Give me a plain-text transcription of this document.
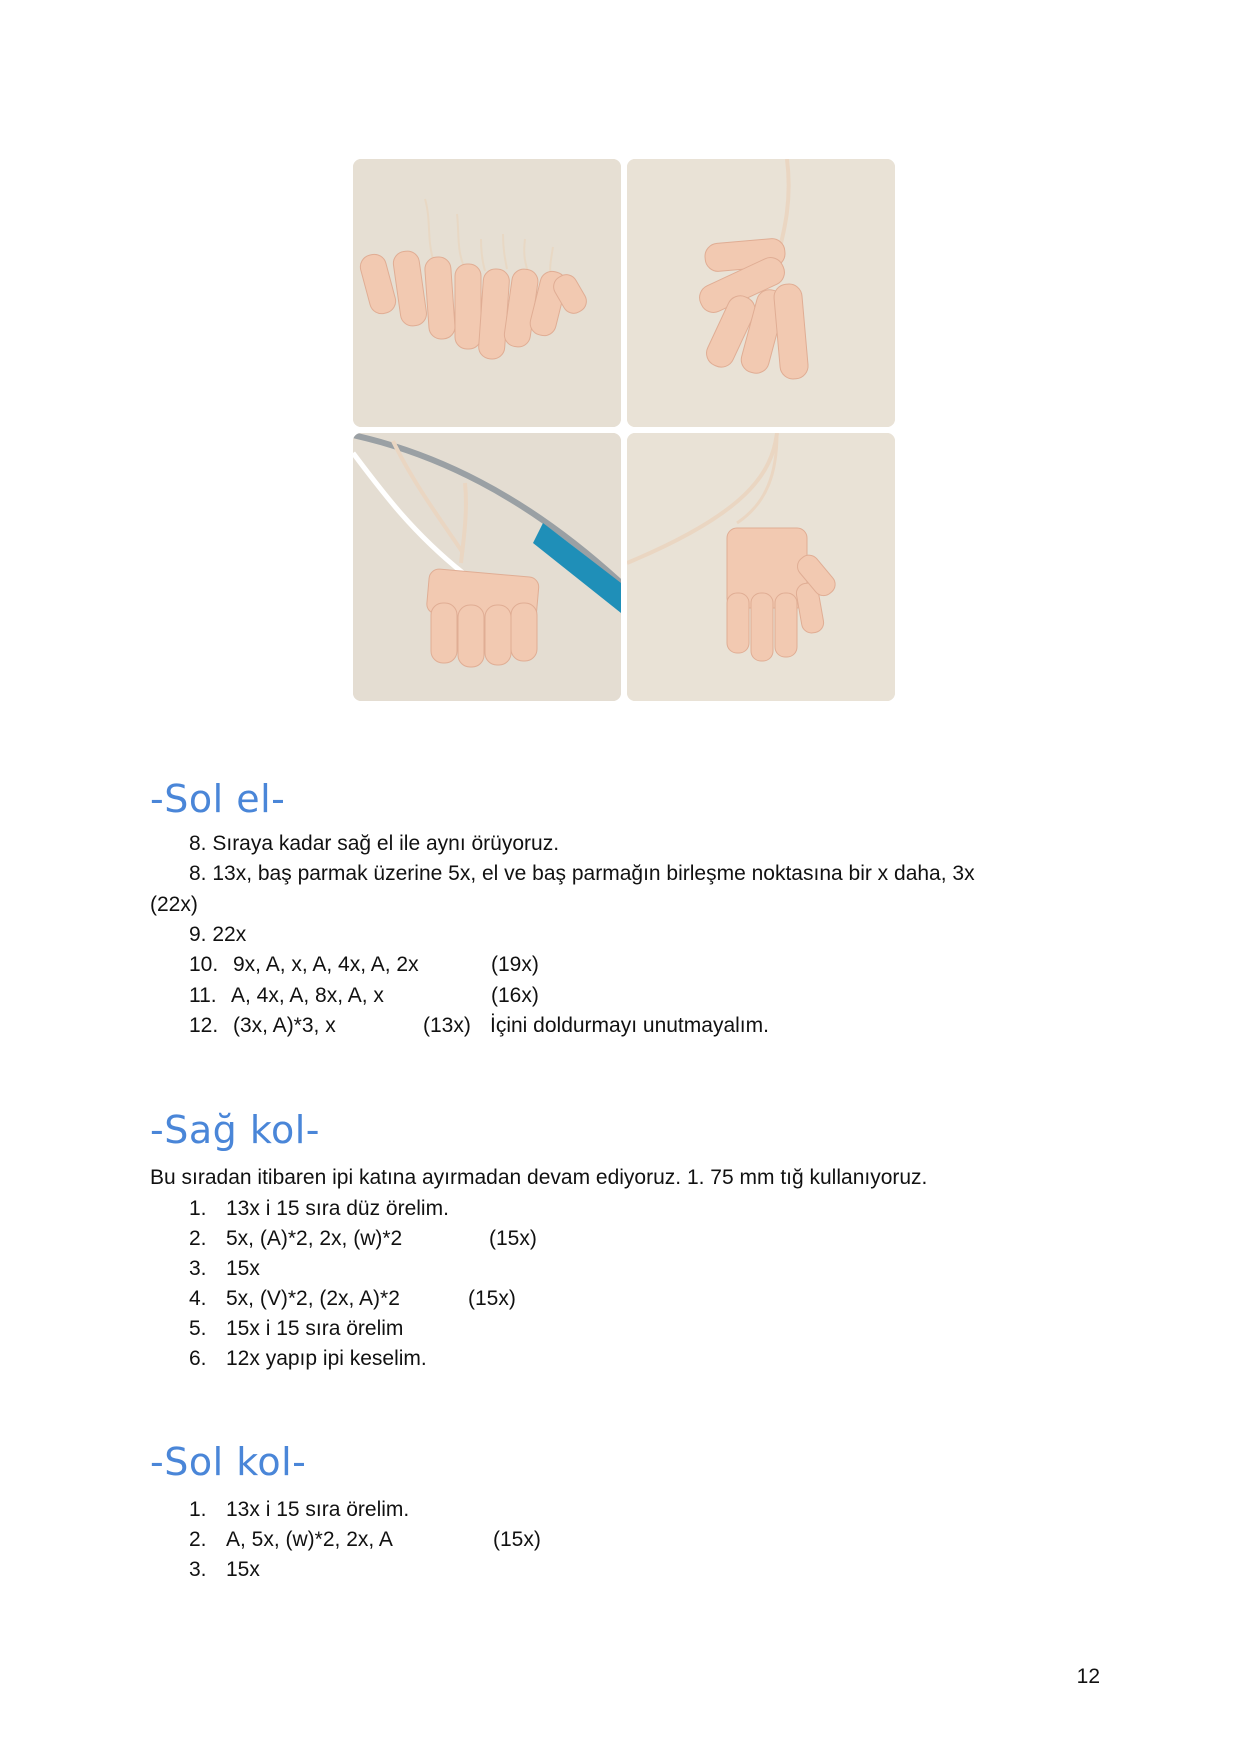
-Sol el-
8. Sıraya kadar sağ el ile aynı örüyoruz.
8. 13x, baş parmak üzerine 5x, el ve baş parmağın birleşme noktasına bir x daha, 3x
(22x)
9. 22x
10. 9x, A, x, A, 4x, A, 2x	(19x)
11. A, 4x, A, 8x, A, x	(16x)
12. (3x, A)*3, x	(13x) İçini doldurmayı unutmayalım.
-Sağ kol-
Bu sıradan itibaren ipi katına ayırmadan devam ediyoruz. 1. 75 mm tığ kullanıyoruz.
1. 13x i 15 sıra düz örelim.
2. 5x, (A)*2, 2x, (w)*2	(15x)
3. 15x
4. 5x, (V)*2, (2x, A)*2	(15x)
5. 15x i 15 sıra örelim
6. 12x yapıp ipi keselim.
-Sol kol-
1. 13x i 15 sıra örelim.
2. A, 5x, (w)*2, 2x, A	(15x)
3. 15x
12
